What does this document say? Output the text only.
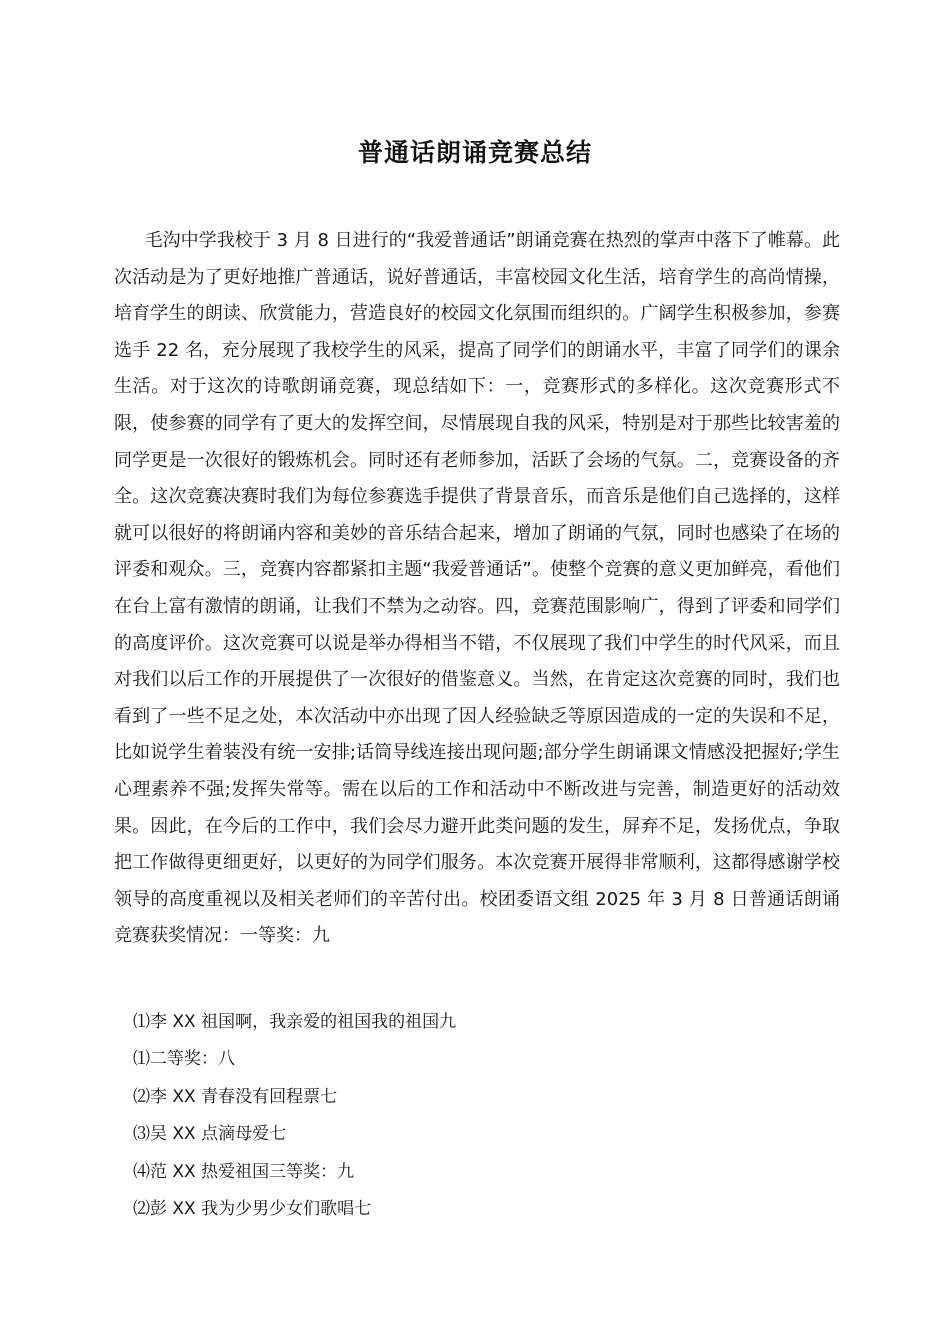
普通话朗诵竞赛总结

毛沟中学我校于 3 月 8 日进行的“我爱普通话”朗诵竞赛在热烈的掌声中落下了帷幕。此次活动是为了更好地推广普通话，说好普通话，丰富校园文化生活，培育学生的高尚情操，培育学生的朗读、欣赏能力，营造良好的校园文化氛围而组织的。广阔学生积极参加，参赛选手 22 名，充分展现了我校学生的风采，提高了同学们的朗诵水平，丰富了同学们的课余生活。对于这次的诗歌朗诵竞赛，现总结如下：一，竞赛形式的多样化。这次竞赛形式不限，使参赛的同学有了更大的发挥空间，尽情展现自我的风采，特别是对于那些比较害羞的同学更是一次很好的锻炼机会。同时还有老师参加，活跃了会场的气氛。二，竞赛设备的齐全。这次竞赛决赛时我们为每位参赛选手提供了背景音乐，而音乐是他们自己选择的，这样就可以很好的将朗诵内容和美妙的音乐结合起来，增加了朗诵的气氛，同时也感染了在场的评委和观众。三，竞赛内容都紧扣主题“我爱普通话”。使整个竞赛的意义更加鲜亮，看他们在台上富有激情的朗诵，让我们不禁为之动容。四，竞赛范围影响广，得到了评委和同学们的高度评价。这次竞赛可以说是举办得相当不错，不仅展现了我们中学生的时代风采，而且对我们以后工作的开展提供了一次很好的借鉴意义。当然，在肯定这次竞赛的同时，我们也看到了一些不足之处，本次活动中亦出现了因人经验缺乏等原因造成的一定的失误和不足，比如说学生着装没有统一安排;话筒导线连接出现问题;部分学生朗诵课文情感没把握好;学生心理素养不强;发挥失常等。需在以后的工作和活动中不断改进与完善，制造更好的活动效果。因此，在今后的工作中，我们会尽力避开此类问题的发生，屏弃不足，发扬优点，争取把工作做得更细更好，以更好的为同学们服务。本次竞赛开展得非常顺利，这都得感谢学校领导的高度重视以及相关老师们的辛苦付出。校团委语文组 2025 年 3 月 8 日普通话朗诵竞赛获奖情况：一等奖：九

⑴李 XX 祖国啊，我亲爱的祖国我的祖国九
⑴二等奖：八
⑵李 XX 青春没有回程票七
⑶吴 XX 点滴母爱七
⑷范 XX 热爱祖国三等奖：九
⑵彭 XX 我为少男少女们歌唱七
